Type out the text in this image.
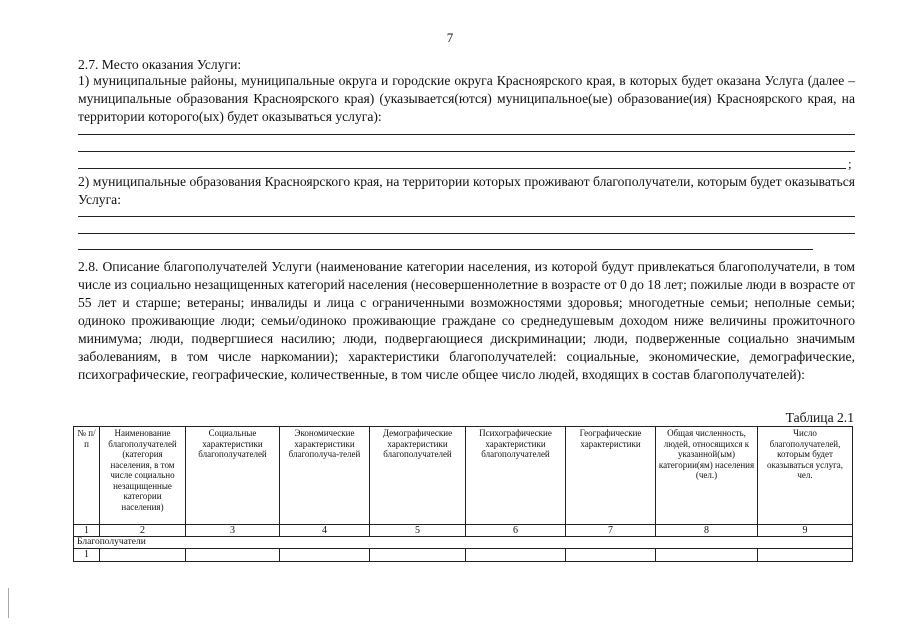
7
2.7. Место оказания Услуги:
1) муниципальные районы, муниципальные округа и городские округа Красноярского края, в которых будет оказана Услуга (далее – муниципальные образования Красноярского края) (указывается(ются) муниципальное(ые) образование(ия) Красноярского края, на территории которого(ых) будет оказываться услуга):
;
2) муниципальные образования Красноярского края, на территории которых проживают благополучатели, которым будет оказываться Услуга:
2.8. Описание благополучателей Услуги (наименование категории населения, из которой будут привлекаться благополучатели, в том числе из социально незащищенных категорий населения (несовершеннолетние в возрасте от 0 до 18 лет; пожилые люди в возрасте от 55 лет и старше; ветераны; инвалиды и лица с ограниченными возможностями здоровья; многодетные семьи; неполные семьи; одиноко проживающие люди; семьи/одиноко проживающие граждане со среднедушевым доходом ниже величины прожиточного минимума; люди, подвергшиеся насилию; люди, подвергающиеся дискриминации; люди, подверженные социально значимым заболеваниям, в том числе наркомании); характеристики благополучателей: социальные, экономические, демографические, психографические, географические, количественные, в том числе общее число людей, входящих в состав благополучателей):
Таблица 2.1
№ п/п	Наименование благополучателей (категория населения, в том числе социально незащищенные категории населения)	Социальные характеристики благополучателей	Экономические характеристики благополуча-телей	Демографические характеристики благополучателей	Психографические характеристики благополучателей	Географические характеристики	Общая численность, людей, относящихся к указанной(ым) категории(ям) населения (чел.)	Число благополучателей, которым будет оказываться услуга, чел.
1	2	3	4	5	6	7	8	9
Благополучатели								
1								
